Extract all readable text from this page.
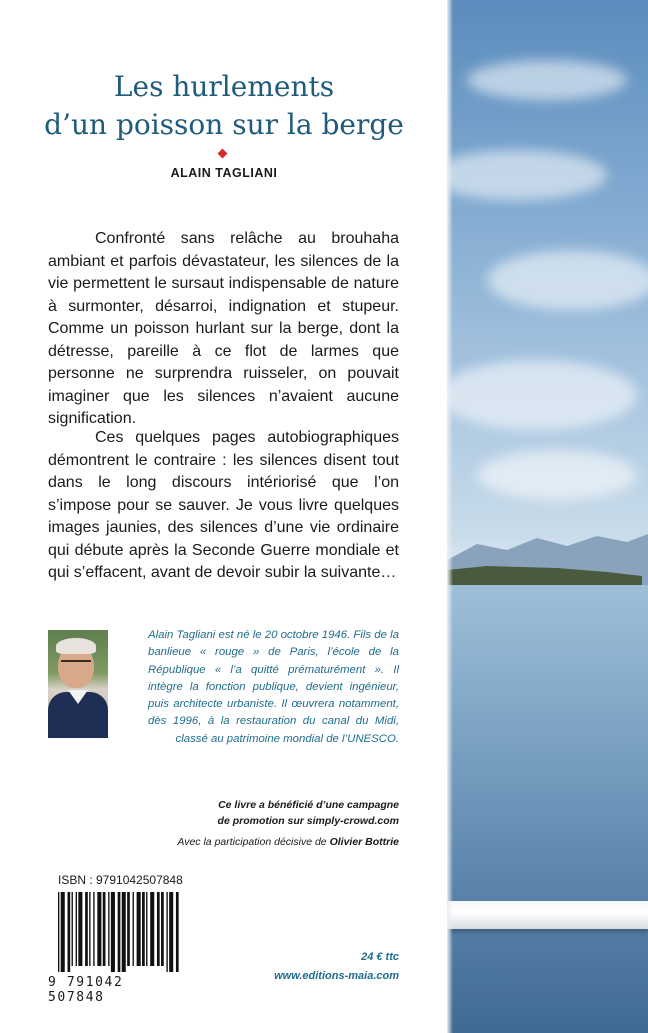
Les hurlements
d’un poisson sur la berge
ALAIN TAGLIANI

Confronté sans relâche au brouhaha ambiant et parfois dévastateur, les silences de la vie permettent le sursaut indispensable de nature à surmonter, désarroi, indignation et stupeur. Comme un poisson hurlant sur la berge, dont la détresse, pareille à ce flot de larmes que personne ne surprendra ruisseler, on pouvait imaginer que les silences n’avaient aucune signification.

Ces quelques pages autobiographiques démontrent le contraire : les silences disent tout dans le long discours intériorisé que l’on s’impose pour se sauver. Je vous livre quelques images jaunies, des silences d’une vie ordinaire qui débute après la Seconde Guerre mondiale et qui s’effacent, avant de devoir subir la suivante…

Alain Tagliani est né le 20 octobre 1946. Fils de la banlieue « rouge » de Paris, l’école de la République « l’a quitté prématurément ». Il intègre la fonction publique, devient ingénieur, puis architecte urbaniste. Il œuvrera notamment, dès 1996, à la restauration du canal du Midi, classé au patrimoine mondial de l’UNESCO.

Ce livre a bénéficié d’une campagne
de promotion sur simply-crowd.com

Avec la participation décisive de Olivier Bottrie
ISBN : 9791042507848
9 791042 507848
24 € ttc
www.editions-maia.com
